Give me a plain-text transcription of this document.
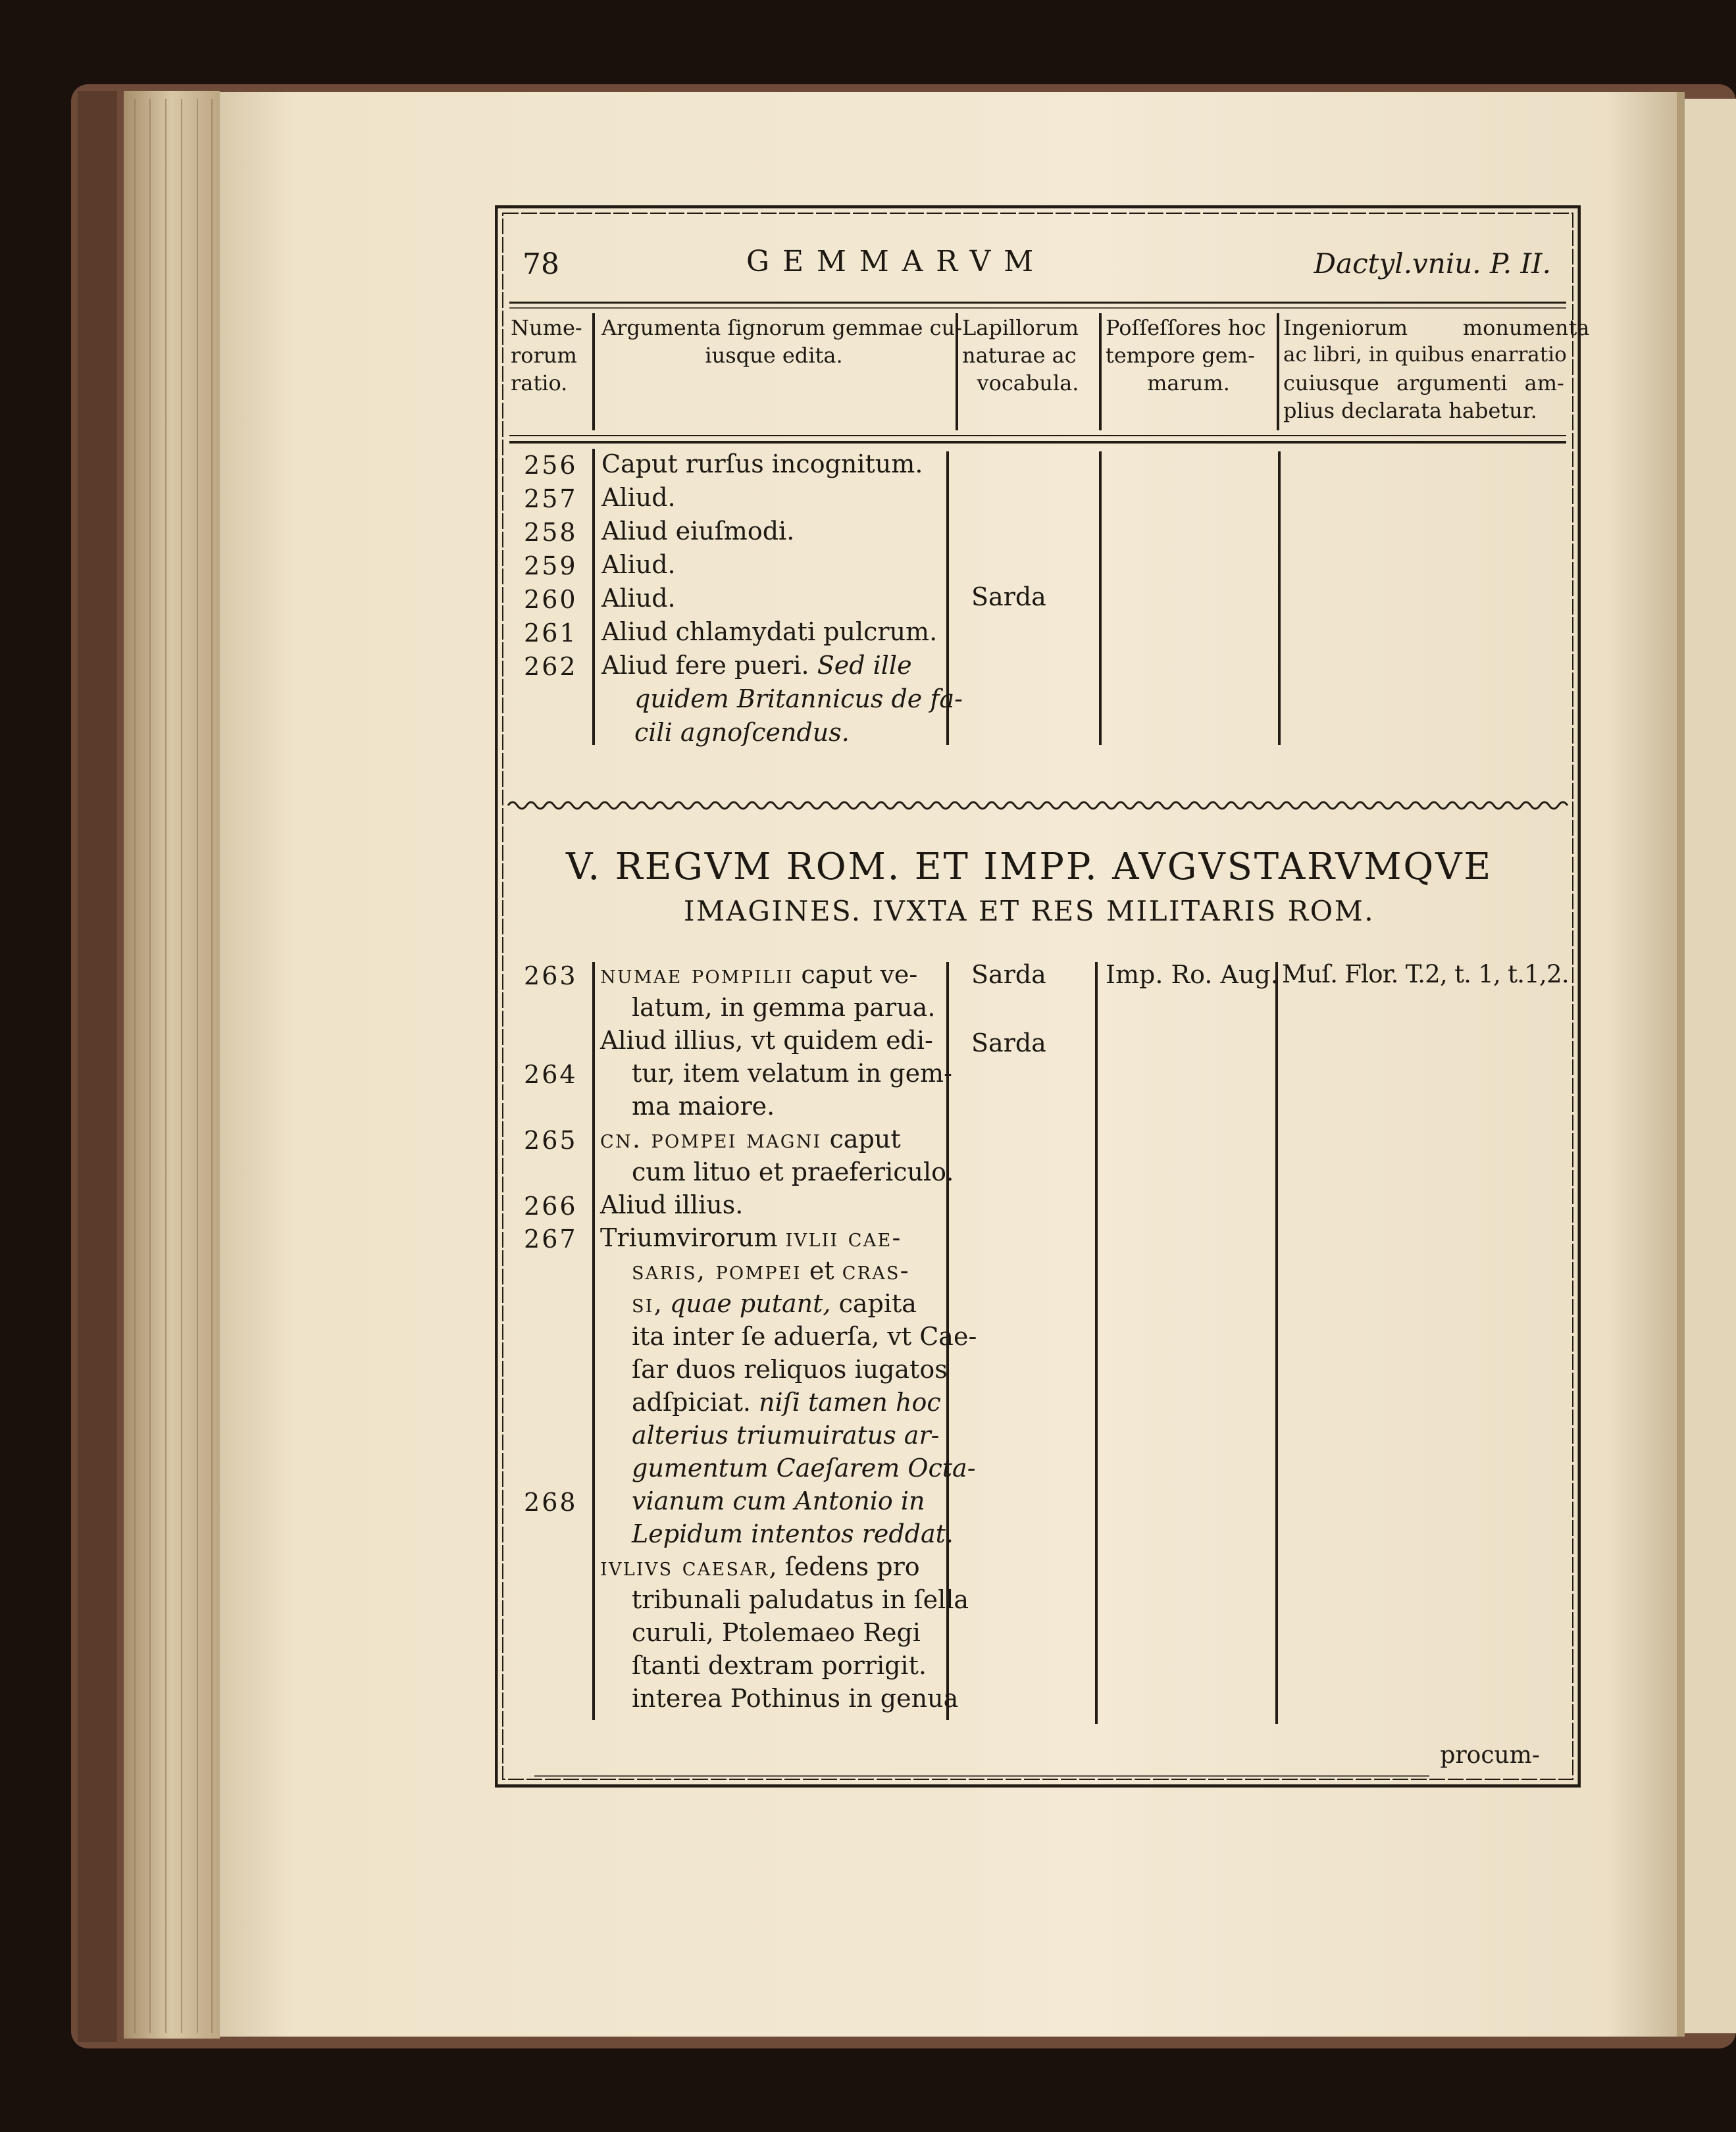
78	GEMMARVM	Dactyl.vniu. P. II.
Nume-
rorum
ratio.
Argumenta ſignorum gemmae cu-
iusque edita.
Lapillorum
naturae ac
vocabula.
Poſſeſſores hoc
tempore gem-
marum.
Ingeniorum monumenta
ac libri, in quibus enarratio
cuiusque argumenti am-
plius declarata habetur.
256
257
258
259
260
261
262
Caput rurſus incognitum.
Aliud.
Aliud eiuſmodi.
Aliud.
Aliud.
Aliud chlamydati pulcrum.
Aliud fere pueri. Sed ille
quidem Britannicus de fa-
cili agnoſcendus.
Sarda
V. REGVM ROM. ET IMPP. AVGVSTARVMQVE
IMAGINES. IVXTA ET RES MILITARIS ROM.
263
264
265
266
267
268
numae pompilii caput ve-
latum, in gemma parua.
Aliud illius, vt quidem edi-
tur, item velatum in gem-
ma maiore.
cn. pompei magni caput
cum lituo et praefericulo.
Aliud illius.
Triumvirorum ivlii cae-
saris, pompei et cras-
si, quae putant, capita
ita inter ſe aduerſa, vt Cae-
ſar duos reliquos iugatos
adſpiciat. niſi tamen hoc
alterius triumuiratus ar-
gumentum Caeſarem Octa-
vianum cum Antonio in
Lepidum intentos reddat.
ivlivs caesar, ſedens pro
tribunali paludatus in ſella
curuli, Ptolemaeo Regi
ſtanti dextram porrigit.
interea Pothinus in genua
Sarda
Sarda
Imp. Ro. Aug. Muſ. Flor. T.2, t. 1, t.1,2.
procum-
